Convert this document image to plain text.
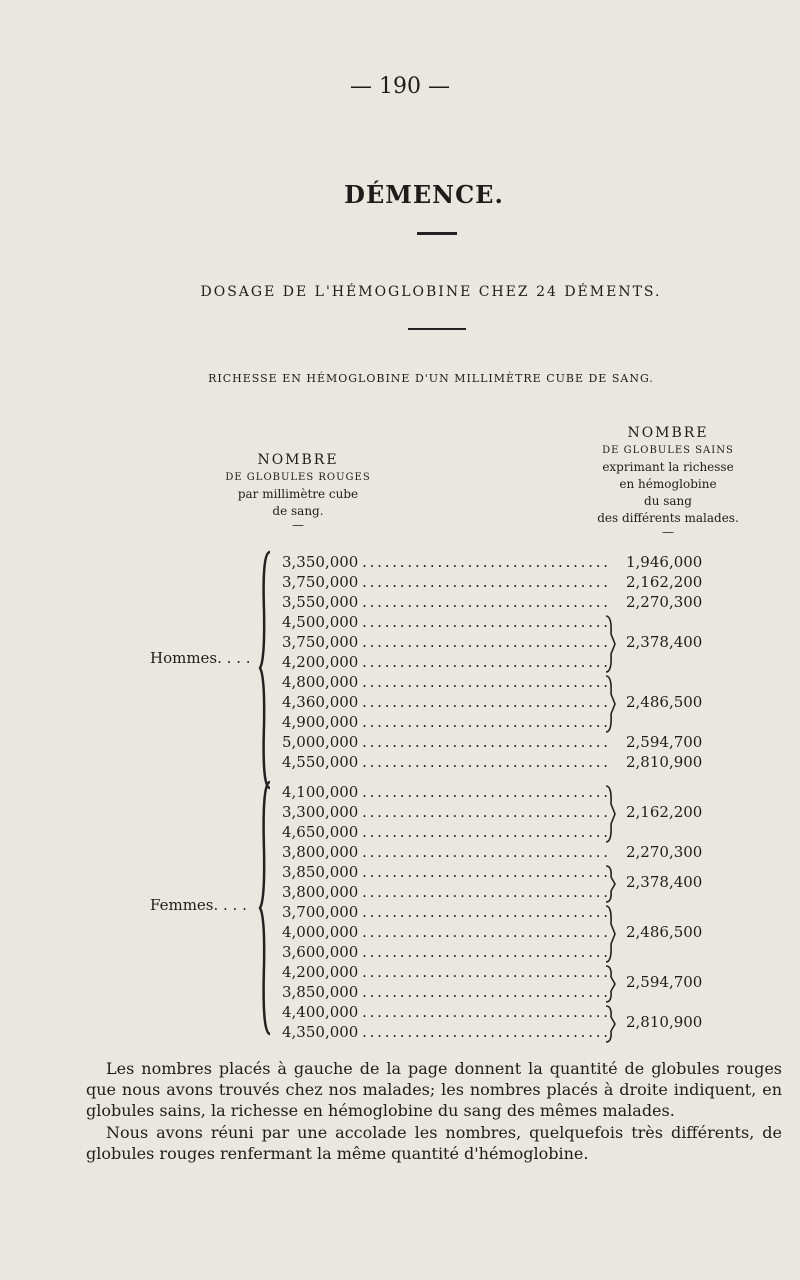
— 190 —
DÉMENCE.
DOSAGE DE L'HÉMOGLOBINE CHEZ 24 DÉMENTS.
RICHESSE EN HÉMOGLOBINE D'UN MILLIMÈTRE CUBE DE SANG.
NOMBRE
DE GLOBULES ROUGES
par millimètre cube
de sang.
—
NOMBRE
DE GLOBULES SAINS
exprimant la richesse
en hémoglobine
du sang
des différents malades.
—
Hommes. . . .
3,350,000 . . .
3,750,000 . . .
3,550,000 . . .
4,500,000 . . .
3,750,000 . . .
4,200,000 . . .
4,800,000 . . .
4,360,000 . . .
4,900,000 . . .
5,000,000 . . .
4,550,000 . . .
1,946,000
2,162,200
2,270,300
2,378,400
2,486,500
2,594,700
2,810,900
Femmes. . . .
4,100,000 . . .
3,300,000 . . .
4,650,000 . . .
3,800,000 . . .
3,850,000 . . .
3,800,000 . . .
3,700,000 . . .
4,000,000 . . .
3,600,000 . . .
4,200,000 . . .
3,850,000 . . .
4,400,000 . . .
4,350,000 . . .
2,162,200
2,270,300
2,378,400
2,486,500
2,594,700
2,810,900
Les nombres placés à gauche de la page donnent la quantité de globules rouges que nous avons trouvés chez nos malades; les nombres placés à droite indiquent, en globules sains, la richesse en hémoglobine du sang des mêmes malades.
Nous avons réuni par une accolade les nombres, quelquefois très différents, de globules rouges renfermant la même quantité d'hémoglobine.
